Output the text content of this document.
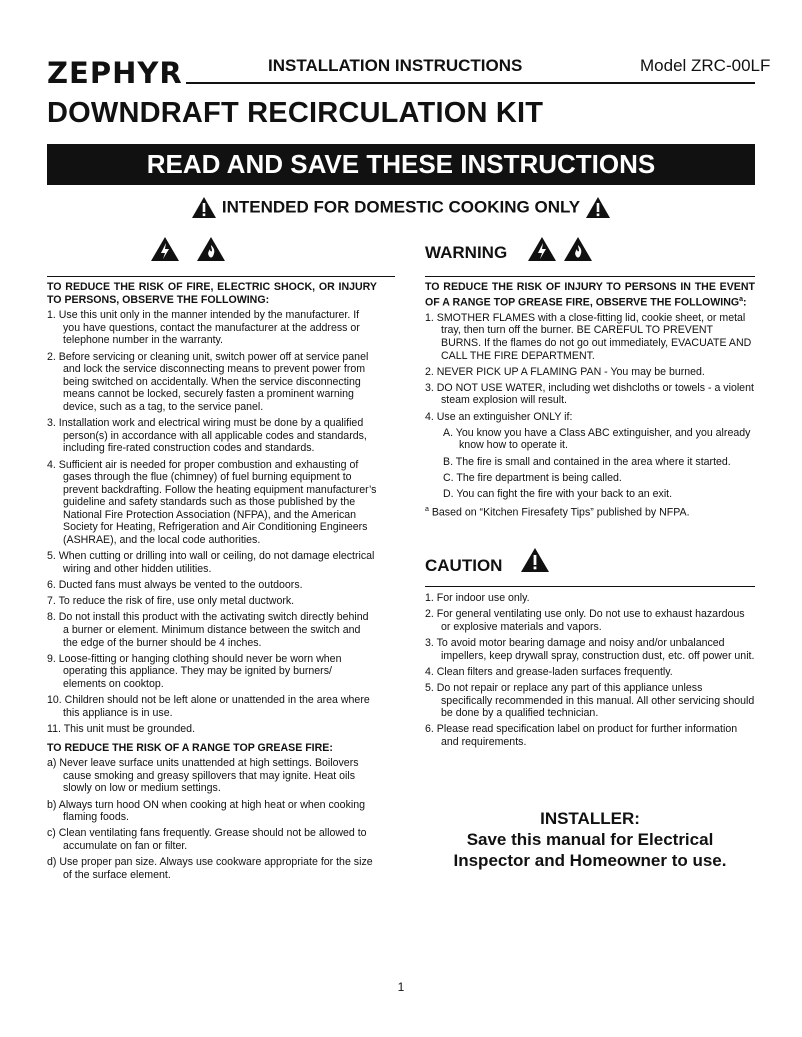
ZEPHYR	INSTALLATION INSTRUCTIONS	Model ZRC-00LF
DOWNDRAFT RECIRCULATION KIT
READ AND SAVE THESE INSTRUCTIONS
INTENDED FOR DOMESTIC COOKING ONLY

WARNING

TO REDUCE THE RISK OF FIRE, ELECTRIC SHOCK, OR INJURY TO PERSONS, OBSERVE THE FOLLOWING:
1. Use this unit only in the manner intended by the manufacturer. If you have questions, contact the manufacturer at the address or telephone number in the warranty.
2. Before servicing or cleaning unit, switch power off at service panel and lock the service disconnecting means to prevent power from being switched on accidentally. When the service disconnecting means cannot be locked, securely fasten a prominent warning device, such as a tag, to the service panel.
3. Installation work and electrical wiring must be done by a qualified person(s) in accordance with all applicable codes and standards, including fire-rated construction codes and standards.
4. Sufficient air is needed for proper combustion and exhausting of gases through the flue (chimney) of fuel burning equipment to prevent backdrafting. Follow the heating equipment manufacturer’s guideline and safety standards such as those published by the National Fire Protection Association (NFPA), and the American Society for Heating, Refrigeration and Air Conditioning Engineers (ASHRAE), and the local code authorities.
5. When cutting or drilling into wall or ceiling, do not damage electrical wiring and other hidden utilities.
6. Ducted fans must always be vented to the outdoors.
7. To reduce the risk of fire, use only metal ductwork.
8. Do not install this product with the activating switch directly behind a burner or element. Minimum distance between the switch and the edge of the burner should be 4 inches.
9. Loose-fitting or hanging clothing should never be worn when operating this appliance. They may be ignited by burners/ elements on cooktop.
10. Children should not be left alone or unattended in the area where this appliance is in use.
11. This unit must be grounded.
TO REDUCE THE RISK OF A RANGE TOP GREASE FIRE:
a) Never leave surface units unattended at high settings. Boilovers cause smoking and greasy spillovers that may ignite. Heat oils slowly on low or medium settings.
b) Always turn hood ON when cooking at high heat or when cooking flaming foods.
c) Clean ventilating fans frequently. Grease should not be allowed to accumulate on fan or filter.
d) Use proper pan size. Always use cookware appropriate for the size of the surface element.
TO REDUCE THE RISK OF INJURY TO PERSONS IN THE EVENT OF A RANGE TOP GREASE FIRE, OBSERVE THE FOLLOWING$^a$:
1. SMOTHER FLAMES with a close-fitting lid, cookie sheet, or metal tray, then turn off the burner. BE CAREFUL TO PREVENT BURNS. If the flames do not go out immediately, EVACUATE AND CALL THE FIRE DEPARTMENT.
2. NEVER PICK UP A FLAMING PAN - You may be burned.
3. DO NOT USE WATER, including wet dishcloths or towels - a violent steam explosion will result.
4. Use an extinguisher ONLY if:
A. You know you have a Class ABC extinguisher, and you already know how to operate it.
B. The fire is small and contained in the area where it started.
C. The fire department is being called.
D. You can fight the fire with your back to an exit.
$^a$ Based on “Kitchen Firesafety Tips” published by NFPA.
CAUTION
1. For indoor use only.
2. For general ventilating use only. Do not use to exhaust hazardous or explosive materials and vapors.
3. To avoid motor bearing damage and noisy and/or unbalanced impellers, keep drywall spray, construction dust, etc. off power unit.
4. Clean filters and grease-laden surfaces frequently.
5. Do not repair or replace any part of this appliance unless specifically recommended in this manual. All other servicing should be done by a qualified technician.
6. Please read specification label on product for further information and requirements.
INSTALLER:
Save this manual for Electrical
Inspector and Homeowner to use.
1
